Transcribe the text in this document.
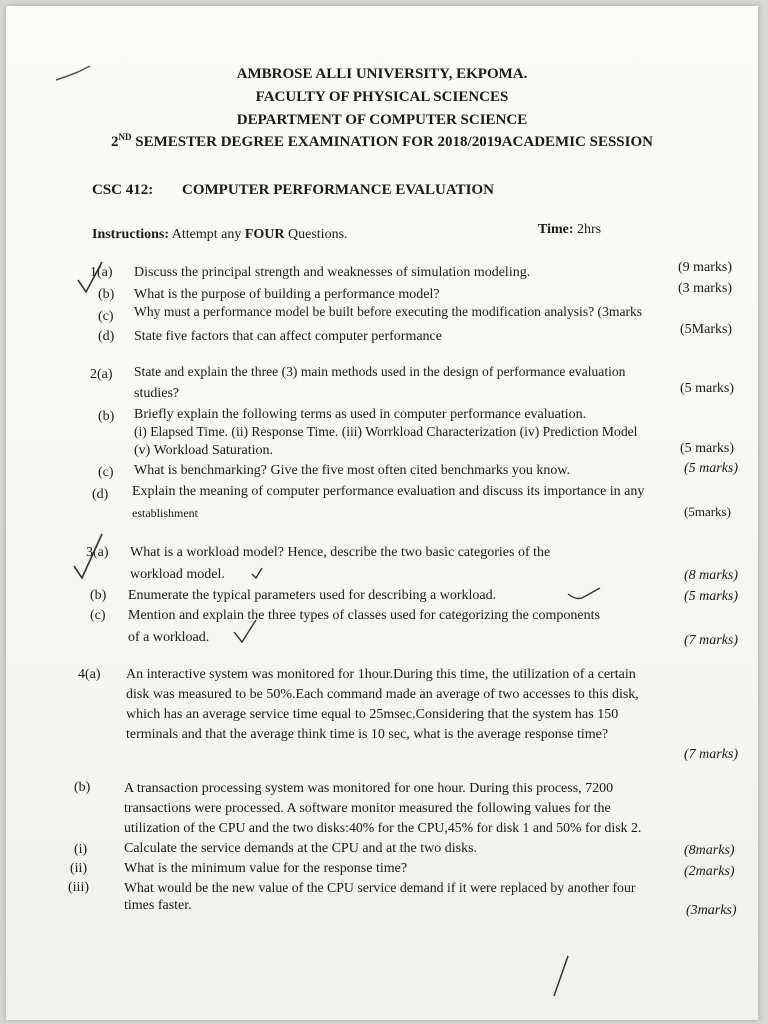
AMBROSE ALLI UNIVERSITY, EKPOMA.
FACULTY OF PHYSICAL SCIENCES
DEPARTMENT OF COMPUTER SCIENCE
2ND SEMESTER DEGREE EXAMINATION FOR 2018/2019ACADEMIC SESSION
CSC 412: COMPUTER PERFORMANCE EVALUATION
Instructions: Attempt any FOUR Questions.	Time: 2hrs
1(a) Discuss the principal strength and weaknesses of simulation modeling.	(9 marks)
(b) What is the purpose of building a performance model?	(3 marks)
(c) Why must a performance model be built before executing the modification analysis? (3marks
(d) State five factors that can affect computer performance	(5Marks)
2(a) State and explain the three (3) main methods used in the design of performance evaluation
studies?	(5 marks)
(b) Briefly explain the following terms as used in computer performance evaluation.
(i) Elapsed Time. (ii) Response Time. (iii) Worrkload Characterization (iv) Prediction Model
(v) Workload Saturation.	(5 marks)
(c) What is benchmarking? Give the five most often cited benchmarks you know.	(5 marks)
(d) Explain the meaning of computer performance evaluation and discuss its importance in any
establishment	(5marks)
3(a) What is a workload model? Hence, describe the two basic categories of the
workload model.	(8 marks)
(b) Enumerate the typical parameters used for describing a workload.	(5 marks)
(c) Mention and explain the three types of classes used for categorizing the components
of a workload.	(7 marks)
4(a) An interactive system was monitored for 1hour.During this time, the utilization of a certain
disk was measured to be 50%.Each command made an average of two accesses to this disk,
which has an average service time equal to 25msec.Considering that the system has 150
terminals and that the average think time is 10 sec, what is the average response time?
(7 marks)
(b) A transaction processing system was monitored for one hour. During this process, 7200
transactions were processed. A software monitor measured the following values for the
utilization of the CPU and the two disks:40% for the CPU,45% for disk 1 and 50% for disk 2.
(i)	Calculate the service demands at the CPU and at the two disks.	(8marks)
(ii)	What is the minimum value for the response time?	(2marks)
(iii)	What would be the new value of the CPU service demand if it were replaced by another four
times faster.	(3marks)
